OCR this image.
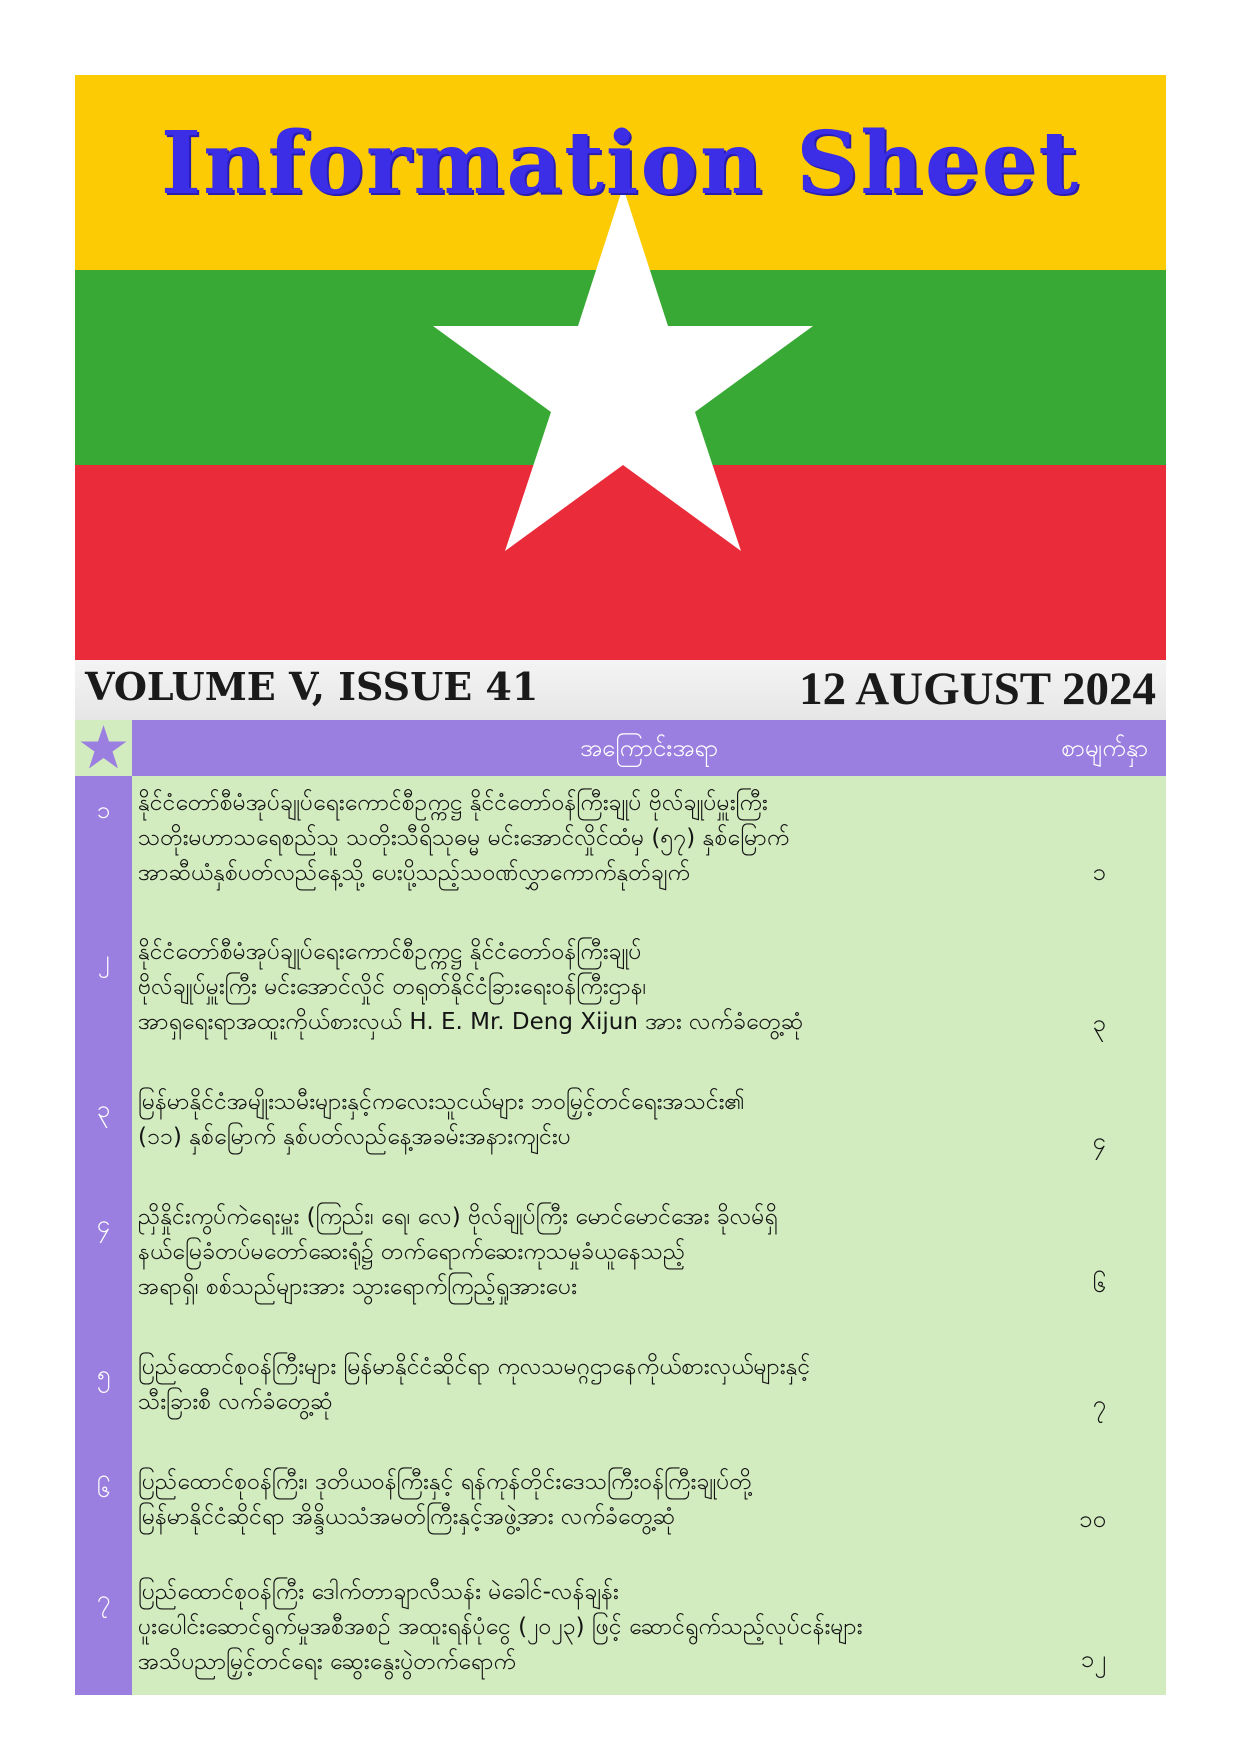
Information Sheet
VOLUME V, ISSUE 41	12 AUGUST 2024
အကြောင်းအရာ	စာမျက်နှာ
၁	နိုင်ငံတော်စီမံအုပ်ချုပ်ရေးကောင်စီဥက္ကဋ္ဌ နိုင်ငံတော်ဝန်ကြီးချုပ် ဗိုလ်ချုပ်မှူးကြီး
သတိုးမဟာသရေစည်သူ သတိုးသီရိသုဓမ္မ မင်းအောင်လှိုင်ထံမှ (၅၇) နှစ်မြောက်
အာဆီယံနှစ်ပတ်လည်နေ့သို့ ပေးပို့သည့်သဝဏ်လွှာကောက်နုတ်ချက်	၁
၂	နိုင်ငံတော်စီမံအုပ်ချုပ်ရေးကောင်စီဥက္ကဋ္ဌ နိုင်ငံတော်ဝန်ကြီးချုပ်
ဗိုလ်ချုပ်မှူးကြီး မင်းအောင်လှိုင် တရုတ်နိုင်ငံခြားရေးဝန်ကြီးဌာန၊
အာရှရေးရာအထူးကိုယ်စားလှယ် H. E. Mr. Deng Xijun အား လက်ခံတွေ့ဆုံ	၃
၃	မြန်မာနိုင်ငံအမျိုးသမီးများနှင့်ကလေးသူငယ်များ ဘဝမြှင့်တင်ရေးအသင်း၏
(၁၁) နှစ်မြောက် နှစ်ပတ်လည်နေ့အခမ်းအနားကျင်းပ	၄
၄	ညှိနှိုင်းကွပ်ကဲရေးမှူး (ကြည်း၊ ရေ၊ လေ) ဗိုလ်ချုပ်ကြီး မောင်မောင်အေး ခိုလမ်ရှိ
နယ်မြေခံတပ်မတော်ဆေးရုံ၌ တက်ရောက်ဆေးကုသမှုခံယူနေသည့်
အရာရှိ၊ စစ်သည်များအား သွားရောက်ကြည့်ရှုအားပေး	၆
၅	ပြည်ထောင်စုဝန်ကြီးများ မြန်မာနိုင်ငံဆိုင်ရာ ကုလသမဂ္ဂဌာနေကိုယ်စားလှယ်များနှင့်
သီးခြားစီ လက်ခံတွေ့ဆုံ	၇
၆	ပြည်ထောင်စုဝန်ကြီး၊ ဒုတိယဝန်ကြီးနှင့် ရန်ကုန်တိုင်းဒေသကြီးဝန်ကြီးချုပ်တို့
မြန်မာနိုင်ငံဆိုင်ရာ အိန္ဒိယသံအမတ်ကြီးနှင့်အဖွဲ့အား လက်ခံတွေ့ဆုံ	၁၀
၇	ပြည်ထောင်စုဝန်ကြီး ဒေါက်တာချာလီသန်း မဲခေါင်-လန်ချန်း
ပူးပေါင်းဆောင်ရွက်မှုအစီအစဉ် အထူးရန်ပုံငွေ (၂၀၂၃) ဖြင့် ဆောင်ရွက်သည့်လုပ်ငန်းများ
အသိပညာမြှင့်တင်ရေး ဆွေးနွေးပွဲတက်ရောက်	၁၂
